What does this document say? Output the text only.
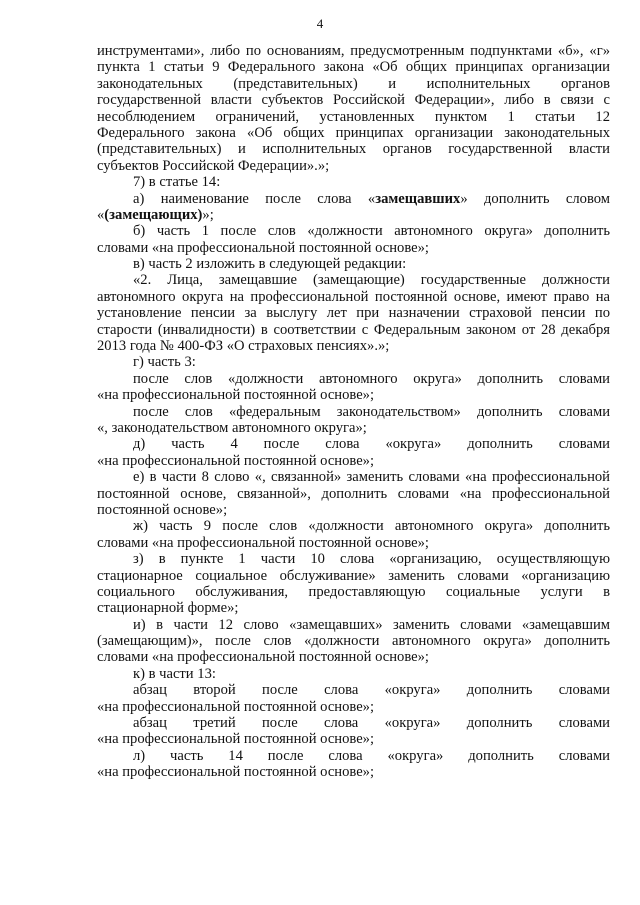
4
инструментами», либо по основаниям, предусмотренным подпунктами «б», «г»
пункта 1 статьи 9 Федерального закона «Об общих принципах организации
законодательных (представительных) и исполнительных органов
государственной власти субъектов Российской Федерации», либо в связи с
несоблюдением ограничений, установленных пунктом 1 статьи 12
Федерального закона «Об общих принципах организации законодательных
(представительных) и исполнительных органов государственной власти
субъектов Российской Федерации».»;
7) в статье 14:
а) наименование после слова «замещавших» дополнить словом
«(замещающих)»;
б) часть 1 после слов «должности автономного округа» дополнить
словами «на профессиональной постоянной основе»;
в) часть 2 изложить в следующей редакции:
«2. Лица, замещавшие (замещающие) государственные должности
автономного округа на профессиональной постоянной основе, имеют право на
установление пенсии за выслугу лет при назначении страховой пенсии по
старости (инвалидности) в соответствии с Федеральным законом от 28 декабря
2013 года № 400-ФЗ «О страховых пенсиях».»;
г) часть 3:
после слов «должности автономного округа» дополнить словами
«на профессиональной постоянной основе»;
после слов «федеральным законодательством» дополнить словами
«, законодательством автономного округа»;
д) часть 4 после слова «округа» дополнить словами
«на профессиональной постоянной основе»;
е) в части 8 слово «, связанной» заменить словами «на профессиональной
постоянной основе, связанной», дополнить словами «на профессиональной
постоянной основе»;
ж) часть 9 после слов «должности автономного округа» дополнить
словами «на профессиональной постоянной основе»;
з) в пункте 1 части 10 слова «организацию, осуществляющую
стационарное социальное обслуживание» заменить словами «организацию
социального обслуживания, предоставляющую социальные услуги в
стационарной форме»;
и) в части 12 слово «замещавших» заменить словами «замещавшим
(замещающим)», после слов «должности автономного округа» дополнить
словами «на профессиональной постоянной основе»;
к) в части 13:
абзац второй после слова «округа» дополнить словами
«на профессиональной постоянной основе»;
абзац третий после слова «округа» дополнить словами
«на профессиональной постоянной основе»;
л) часть 14 после слова «округа» дополнить словами
«на профессиональной постоянной основе»;
